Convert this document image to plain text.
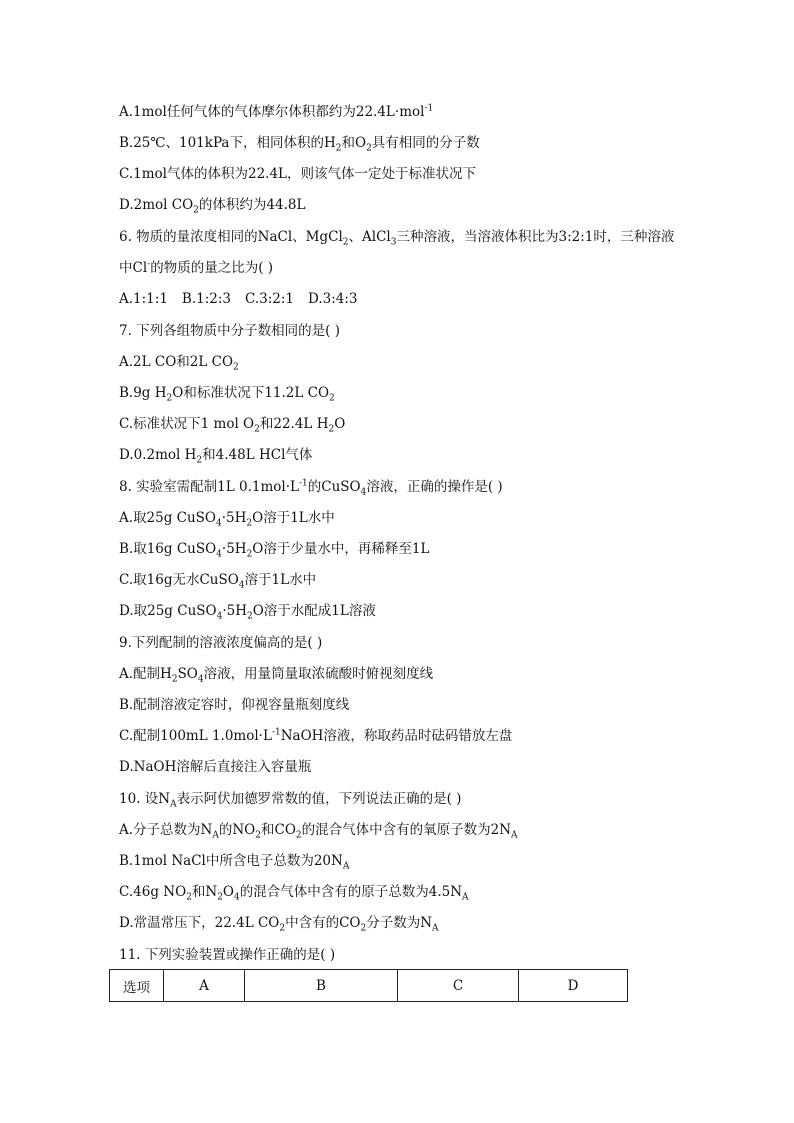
A.1mol任何气体的气体摩尔体积都约为22.4L·mol$^{-1}$
B.25℃、101kPa下，相同体积的$H_2$和$O_2$具有相同的分子数
C.1mol气体的体积为22.4L，则该气体一定处于标准状况下
D.2mol $CO_2$的体积约为44.8L
6. 物质的量浓度相同的NaCl、MgCl$_2$、AlCl$_3$三种溶液，当溶液体积比为3:2:1时，三种溶液
中Cl-的物质的量之比为( )
A.1:1:1 B.1:2:3 C.3:2:1 D.3:4:3
7. 下列各组物质中分子数相同的是( )
A.2L CO和2L $CO_2$
B.9g $H_2O$和标准状况下11.2L $CO_2$
C.标准状况下1 mol $O_2$和22.4L $H_2O$
D.0.2mol $H_2$和4.48L HCl气体
8. 实验室需配制1L $0.1mol\cdot L^{-1}$的CuSO$_4$溶液，正确的操作是( )
A.取25g $CuSO_4\cdot 5H_2O$溶于1L水中
B.取16g $CuSO_4\cdot 5H_2O$溶于少量水中，再稀释至1L
C.取16g无水CuSO$_4$溶于1L水中
D.取25g $CuSO_4\cdot 5H_2O$溶于水配成1L溶液
9.下列配制的溶液浓度偏高的是( )
A.配制$H_2SO_4$溶液，用量筒量取浓硫酸时俯视刻度线
B.配制溶液定容时，仰视容量瓶刻度线
C.配制100mL $1.0mol\cdot L^{-1}NaOH$溶液，称取药品时砝码错放左盘
D.NaOH溶解后直接注入容量瓶
10. 设$N_A$表示阿伏加德罗常数的值，下列说法正确的是( )
A.分子总数为$N_A$的$NO_2$和$CO_2$的混合气体中含有的氧原子数为$2N_A$
B.1mol NaCl中所含电子总数为$20N_A$
C.46g $NO_2$和$N_2O_4$的混合气体中含有的原子总数为$4.5N_A$
D.常温常压下，22.4L $CO_2$中含有的$CO_2$分子数为$N_A$
11. 下列实验装置或操作正确的是( )
选项	A	B	C	D
